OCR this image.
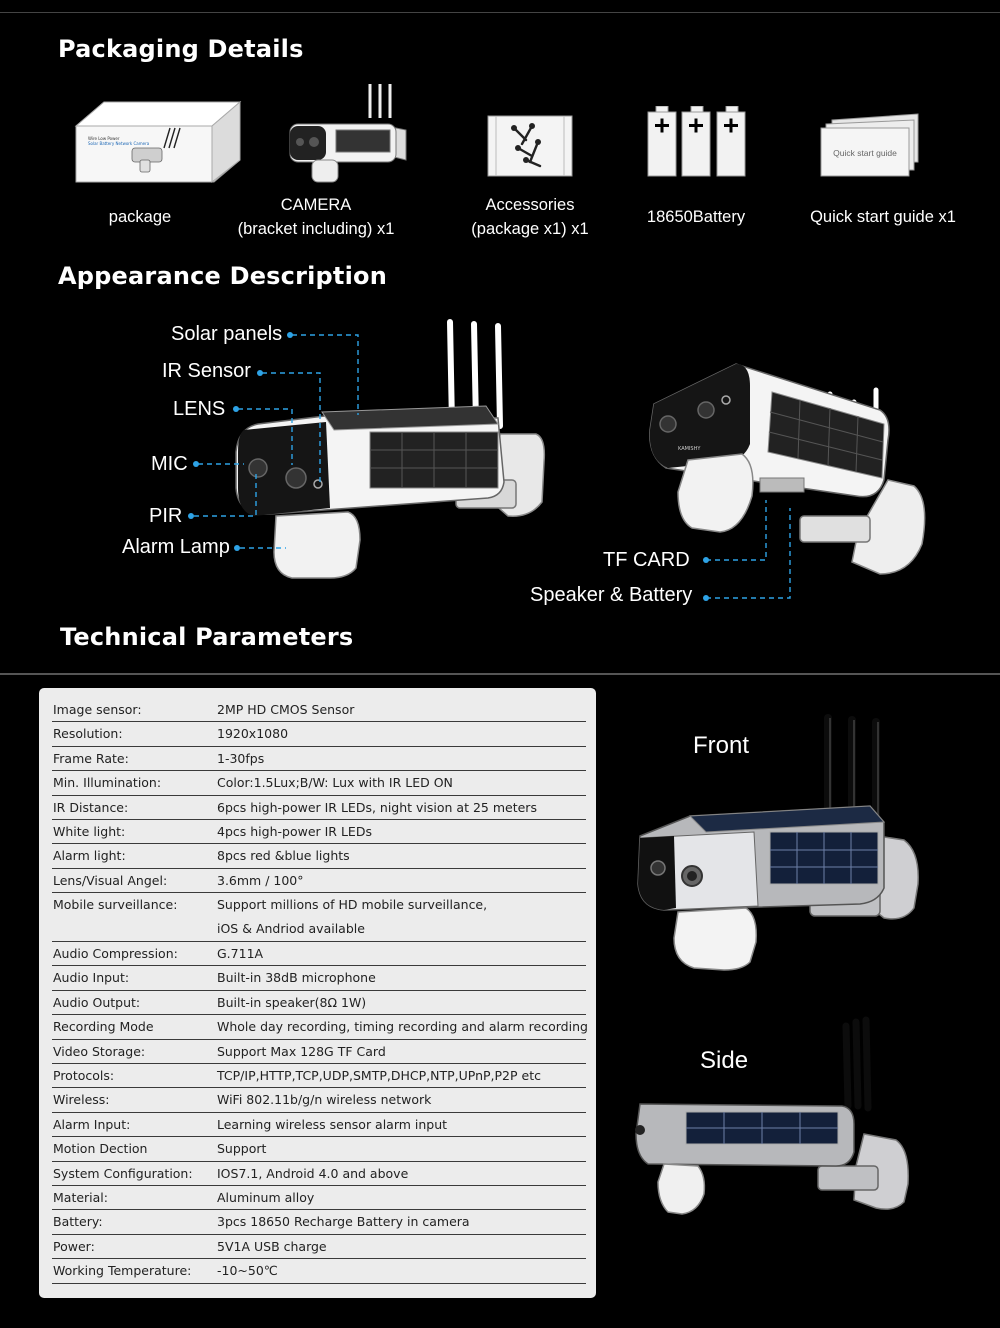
Packaging Details
Wire Low Power
Solar Battery Network Camera
Quick start guide
package
CAMERA
(bracket including) x1
Accessories
(package x1) x1
18650Battery	Quick start guide x1
Appearance Description
KAMISHY
Solar panels
IR Sensor
LENS
MIC
PIR
Alarm Lamp
TF CARD
Speaker & Battery
Technical Parameters
Image sensor:	2MP HD CMOS Sensor
Resolution:	1920x1080
Frame Rate:	1-30fps
Min. Illumination:	Color:1.5Lux;B/W: Lux with IR LED ON
IR Distance:	6pcs high-power IR LEDs, night vision at 25 meters
White light:	4pcs high-power IR LEDs
Alarm light:	8pcs red &blue lights
Lens/Visual Angel:	3.6mm / 100°
Mobile surveillance:	Support millions of HD mobile surveillance,
iOS & Andriod available
Audio Compression:	G.711A
Audio Input:	Built-in 38dB microphone
Audio Output:	Built-in speaker(8Ω 1W)
Recording Mode	Whole day recording, timing recording and alarm recording
Video Storage:	Support Max 128G TF Card
Protocols:	TCP/IP,HTTP,TCP,UDP,SMTP,DHCP,NTP,UPnP,P2P etc
Wireless:	WiFi 802.11b/g/n wireless network
Alarm Input:	Learning wireless sensor alarm input
Motion Dection	Support
System Configuration: IOS7.1, Android 4.0 and above
Material:	Aluminum alloy
Battery:	3pcs 18650 Recharge Battery in camera
Power:	5V1A USB charge
Working Temperature: -10~50℃
Front
Side
